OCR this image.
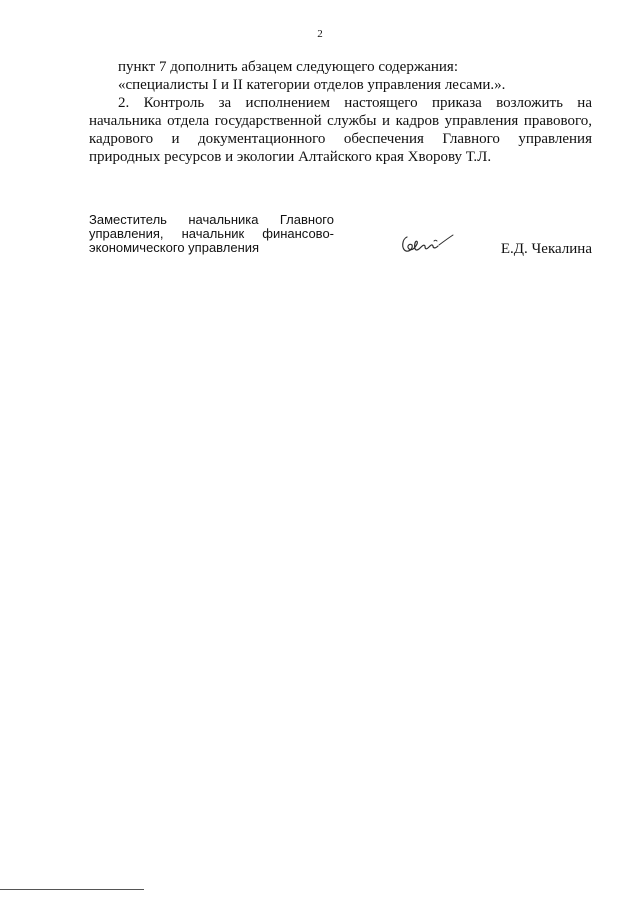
2

пункт 7 дополнить абзацем следующего содержания:

«специалисты I и II категории отделов управления лесами.».

2. Контроль за исполнением настоящего приказа возложить на начальника отдела государственной службы и кадров управления правового, кадрового и документационного обеспечения Главного управления природных ресурсов и экологии Алтайского края Хворову Т.Л.

Заместитель начальника Главного
управления, начальник финансово-
экономического управления	Е.Д. Чекалина
